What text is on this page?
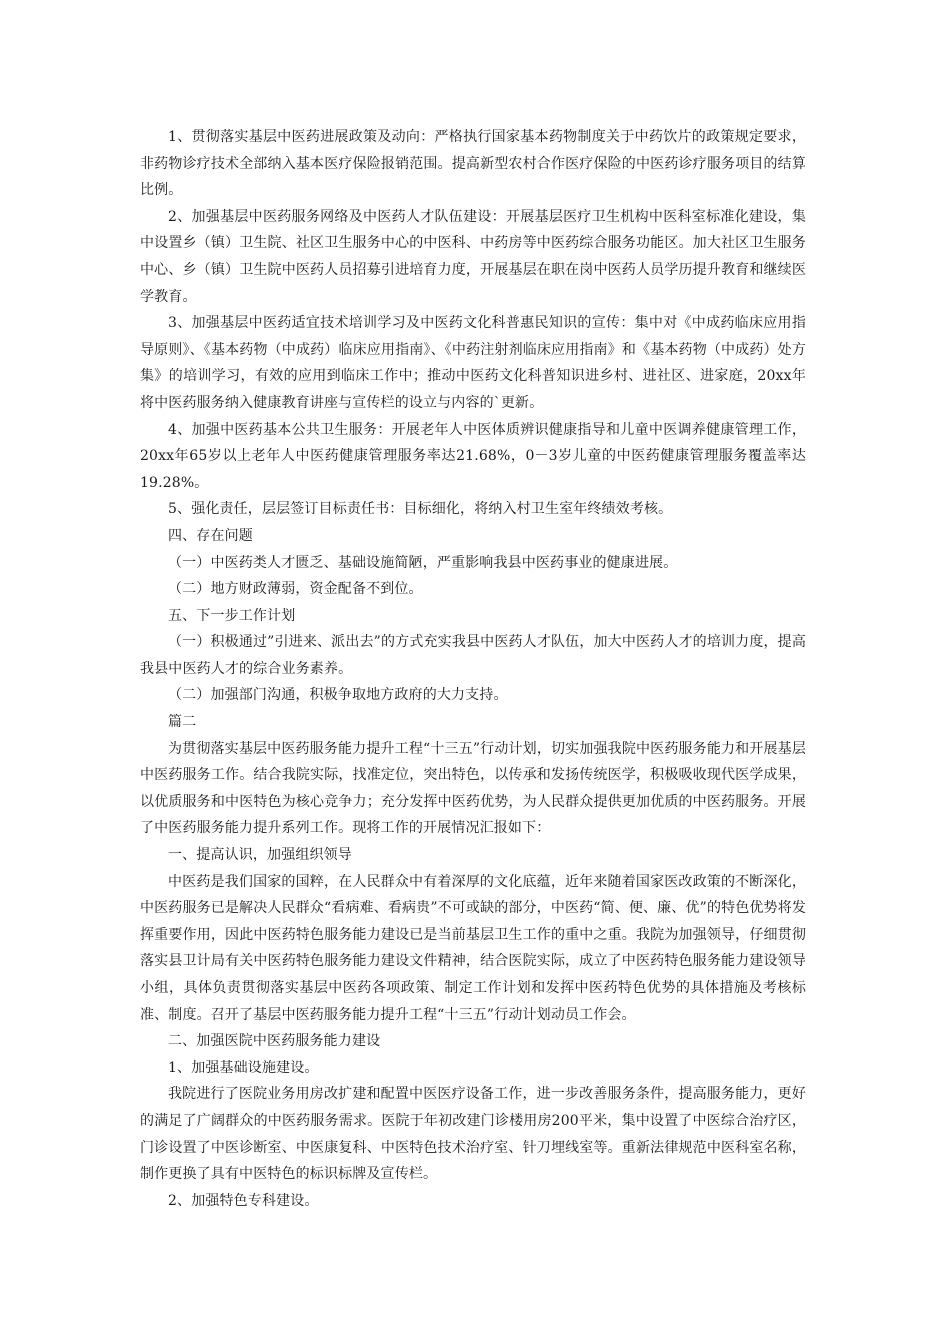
1、贯彻落实基层中医药进展政策及动向：严格执行国家基本药物制度关于中药饮片的政策规定要求，非药物诊疗技术全部纳入基本医疗保险报销范围。提高新型农村合作医疗保险的中医药诊疗服务项目的结算比例。

2、加强基层中医药服务网络及中医药人才队伍建设：开展基层医疗卫生机构中医科室标准化建设，集中设置乡（镇）卫生院、社区卫生服务中心的中医科、中药房等中医药综合服务功能区。加大社区卫生服务中心、乡（镇）卫生院中医药人员招募引进培育力度，开展基层在职在岗中医药人员学历提升教育和继续医学教育。

3、加强基层中医药适宜技术培训学习及中医药文化科普惠民知识的宣传：集中对《中成药临床应用指导原则》、《基本药物（中成药）临床应用指南》、《中药注射剂临床应用指南》和《基本药物（中成药）处方集》的培训学习，有效的应用到临床工作中；推动中医药文化科普知识进乡村、进社区、进家庭，20xx年将中医药服务纳入健康教育讲座与宣传栏的设立与内容的`更新。

4、加强中医药基本公共卫生服务：开展老年人中医体质辨识健康指导和儿童中医调养健康管理工作，20xx年65岁以上老年人中医药健康管理服务率达21.68%，0－3岁儿童的中医药健康管理服务覆盖率达19.28%。

5、强化责任，层层签订目标责任书：目标细化，将纳入村卫生室年终绩效考核。

四、存在问题

（一）中医药类人才匮乏、基础设施简陋，严重影响我县中医药事业的健康进展。

（二）地方财政薄弱，资金配备不到位。

五、下一步工作计划

（一）积极通过”引进来、派出去”的方式充实我县中医药人才队伍，加大中医药人才的培训力度，提高我县中医药人才的综合业务素养。

（二）加强部门沟通，积极争取地方政府的大力支持。

篇二

为贯彻落实基层中医药服务能力提升工程“十三五”行动计划，切实加强我院中医药服务能力和开展基层中医药服务工作。结合我院实际，找准定位，突出特色，以传承和发扬传统医学，积极吸收现代医学成果，以优质服务和中医特色为核心竞争力；充分发挥中医药优势，为人民群众提供更加优质的中医药服务。开展了中医药服务能力提升系列工作。现将工作的开展情况汇报如下：

一、提高认识，加强组织领导

中医药是我们国家的国粹，在人民群众中有着深厚的文化底蕴，近年来随着国家医改政策的不断深化，中医药服务已是解决人民群众“看病难、看病贵”不可或缺的部分，中医药“简、便、廉、优”的特色优势将发挥重要作用，因此中医药特色服务能力建设已是当前基层卫生工作的重中之重。我院为加强领导，仔细贯彻落实县卫计局有关中医药特色服务能力建设文件精神，结合医院实际，成立了中医药特色服务能力建设领导小组，具体负责贯彻落实基层中医药各项政策、制定工作计划和发挥中医药特色优势的具体措施及考核标准、制度。召开了基层中医药服务能力提升工程“十三五”行动计划动员工作会。

二、加强医院中医药服务能力建设

1、加强基础设施建设。

我院进行了医院业务用房改扩建和配置中医医疗设备工作，进一步改善服务条件，提高服务能力，更好的满足了广阔群众的中医药服务需求。医院于年初改建门诊楼用房200平米，集中设置了中医综合治疗区，门诊设置了中医诊断室、中医康复科、中医特色技术治疗室、针刀埋线室等。重新法律规范中医科室名称，制作更换了具有中医特色的标识标牌及宣传栏。

2、加强特色专科建设。
